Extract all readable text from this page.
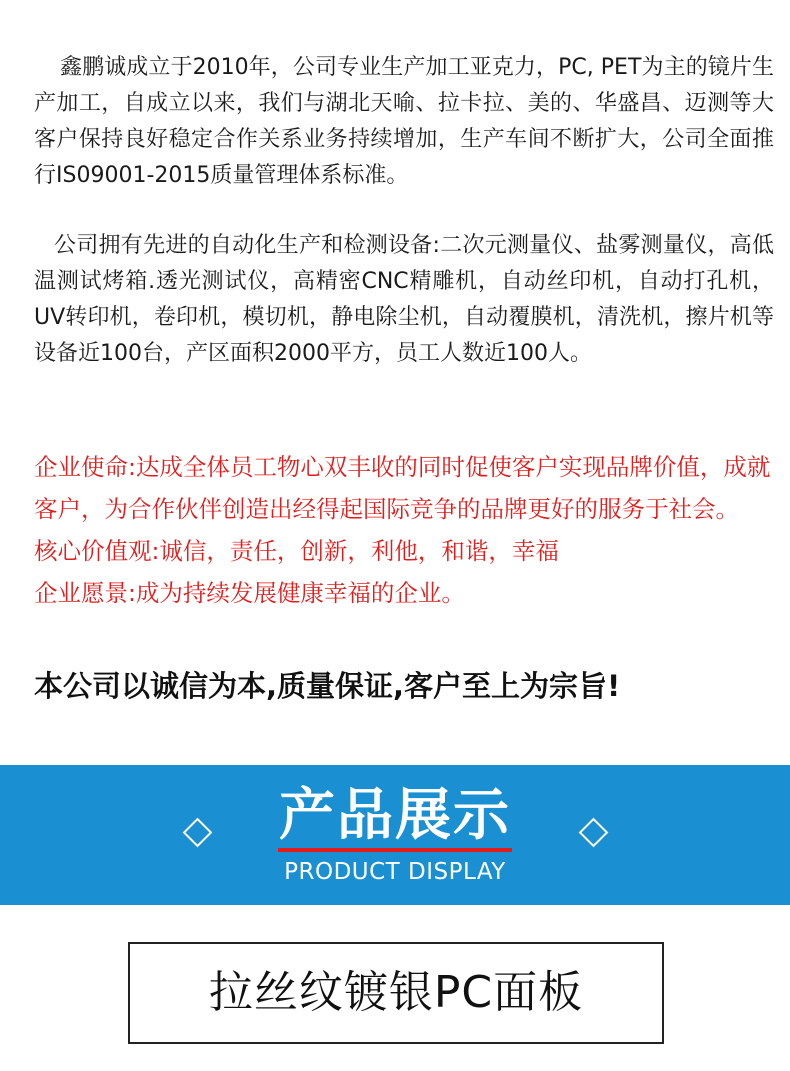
鑫鹏诚成立于2010年，公司专业生产加工亚克力，PC, PET为主的镜片生产加工，自成立以来，我们与湖北天喻、拉卡拉、美的、华盛昌、迈测等大客户保持良好稳定合作关系业务持续增加，生产车间不断扩大，公司全面推行IS09001-2015质量管理体系标准。

公司拥有先进的自动化生产和检测设备:二次元测量仪、盐雾测量仪，高低温测试烤箱.透光测试仪，高精密CNC精雕机，自动丝印机，自动打孔机，UV转印机，卷印机，模切机，静电除尘机，自动覆膜机，清洗机，擦片机等设备近100台，产区面积2000平方，员工人数近100人。

企业使命:达成全体员工物心双丰收的同时促使客户实现品牌价值，成就客户，为合作伙伴创造出经得起国际竞争的品牌更好的服务于社会。

核心价值观:诚信，责任，创新，利他，和谐，幸福

企业愿景:成为持续发展健康幸福的企业。

本公司以诚信为本,质量保证,客户至上为宗旨!

产品展示
PRODUCT DISPLAY
拉丝纹镀银PC面板
